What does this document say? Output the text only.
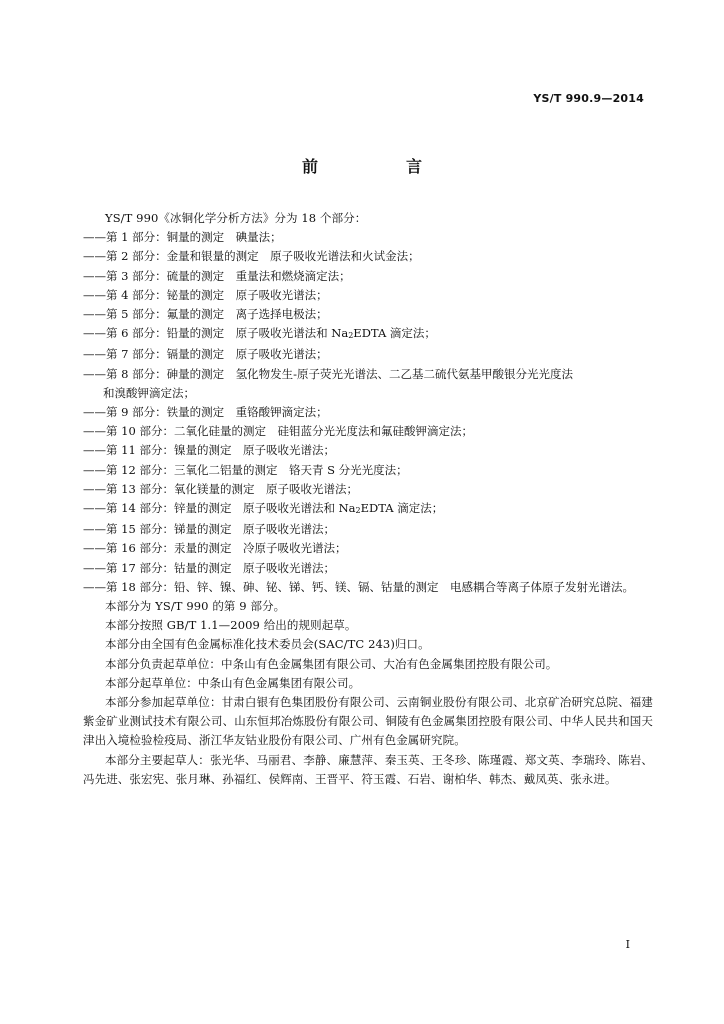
YS/T 990.9—2014
前　言
YS/T 990《冰铜化学分析方法》分为 18 个部分：
——第 1 部分：铜量的测定　碘量法；
——第 2 部分：金量和银量的测定　原子吸收光谱法和火试金法；
——第 3 部分：硫量的测定　重量法和燃烧滴定法；
——第 4 部分：铋量的测定　原子吸收光谱法；
——第 5 部分：氟量的测定　离子选择电极法；
——第 6 部分：铅量的测定　原子吸收光谱法和 Na2EDTA 滴定法；
——第 7 部分：镉量的测定　原子吸收光谱法；
——第 8 部分：砷量的测定　氢化物发生-原子荧光光谱法、二乙基二硫代氨基甲酸银分光光度法
和溴酸钾滴定法；
——第 9 部分：铁量的测定　重铬酸钾滴定法；
——第 10 部分：二氧化硅量的测定　硅钼蓝分光光度法和氟硅酸钾滴定法；
——第 11 部分：镍量的测定　原子吸收光谱法；
——第 12 部分：三氧化二铝量的测定　铬天青 S 分光光度法；
——第 13 部分：氧化镁量的测定　原子吸收光谱法；
——第 14 部分：锌量的测定　原子吸收光谱法和 Na2EDTA 滴定法；
——第 15 部分：锑量的测定　原子吸收光谱法；
——第 16 部分：汞量的测定　冷原子吸收光谱法；
——第 17 部分：钴量的测定　原子吸收光谱法；
——第 18 部分：铅、锌、镍、砷、铋、锑、钙、镁、镉、钴量的测定　电感耦合等离子体原子发射光谱法。
本部分为 YS/T 990 的第 9 部分。
本部分按照 GB/T 1.1—2009 给出的规则起草。
本部分由全国有色金属标准化技术委员会(SAC/TC 243)归口。
本部分负责起草单位：中条山有色金属集团有限公司、大冶有色金属集团控股有限公司。
本部分起草单位：中条山有色金属集团有限公司。
本部分参加起草单位：甘肃白银有色集团股份有限公司、云南铜业股份有限公司、北京矿冶研究总院、福建紫金矿业测试技术有限公司、山东恒邦冶炼股份有限公司、铜陵有色金属集团控股有限公司、中华人民共和国天津出入境检验检疫局、浙江华友钴业股份有限公司、广州有色金属研究院。
本部分主要起草人：张光华、马丽君、李静、廉慧萍、秦玉英、王冬珍、陈瑾霞、郑文英、李瑞玲、陈岩、冯先进、张宏宪、张月琳、孙福红、侯辉南、王晋平、符玉霞、石岩、谢柏华、韩杰、戴凤英、张永进。
I
